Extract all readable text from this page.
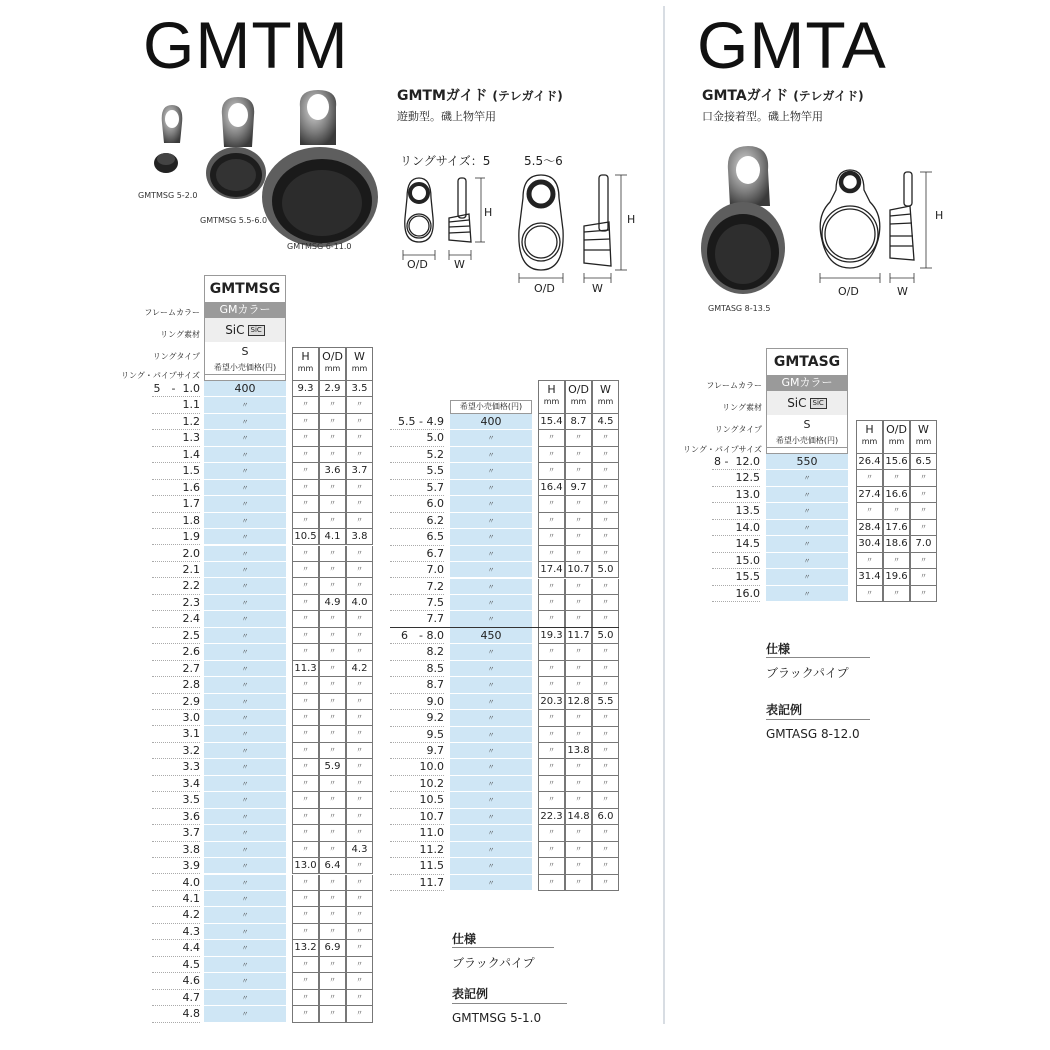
GMTM	GMTA
GMTMガイド (テレガイド)
遊動型。磯上物竿用
GMTAガイド (テレガイド)
口金接着型。磯上物竿用
GMTMSG 5-2.0
GMTMSG 5.5-6.0
GMTMSG 6-11.0
リングサイズ：5	5.5〜6
H
O/D W
H
O/D	W
H
O/D	W
GMTASG 8-13.5
GMTMSG
GMカラー
SiC SiC
S
希望小売価格(円)
フレームカラー
リング素材
リングタイプ
リング・パイプサイズ
H
mm
O/D
mm
W
mm
希望小売価格(円)
H
mm
O/D
mm
W
mm
GMTASG
GMカラー
SiC SiC
S
希望小売価格(円)
フレームカラー
リング素材
リングタイプ
リング・パイプサイズ
H
mm
O/D
mm
W
mm
5　-  1.0	400	9.3	2.9	3.5
1.1	〃	〃	〃	〃
1.2	〃	〃	〃	〃
1.3	〃	〃	〃	〃
1.4	〃	〃	〃	〃
1.5	〃	〃	3.6	3.7
1.6	〃	〃	〃	〃
1.7	〃	〃	〃	〃
1.8	〃	〃	〃	〃
1.9	〃	10.5 4.1	3.8
2.0	〃	〃	〃	〃
2.1	〃	〃	〃	〃
2.2	〃	〃	〃	〃
2.3	〃	〃	4.9	4.0
2.4	〃	〃	〃	〃
2.5	〃	〃	〃	〃
2.6	〃	〃	〃	〃
2.7	〃	11.3	〃	4.2
2.8	〃	〃	〃	〃
2.9	〃	〃	〃	〃
3.0	〃	〃	〃	〃
3.1	〃	〃	〃	〃
3.2	〃	〃	〃	〃
3.3	〃	〃	5.9	〃
3.4	〃	〃	〃	〃
3.5	〃	〃	〃	〃
3.6	〃	〃	〃	〃
3.7	〃	〃	〃	〃
3.8	〃	〃	〃	4.3
3.9	〃	13.0 6.4	〃
4.0	〃	〃	〃	〃
4.1	〃	〃	〃	〃
4.2	〃	〃	〃	〃
4.3	〃	〃	〃	〃
4.4	〃	13.2 6.9	〃
4.5	〃	〃	〃	〃
4.6	〃	〃	〃	〃
4.7	〃	〃	〃	〃
4.8	〃	〃	〃	〃
5.5 - 4.9	400	15.4 8.7	4.5
5.0	〃	〃	〃	〃
5.2	〃	〃	〃	〃
5.5	〃	〃	〃	〃
5.7	〃	16.4 9.7	〃
6.0	〃	〃	〃	〃
6.2	〃	〃	〃	〃
6.5	〃	〃	〃	〃
6.7	〃	〃	〃	〃
7.0	〃	17.4 10.7 5.0
7.2	〃	〃	〃	〃
7.5	〃	〃	〃	〃
7.7	〃	〃	〃	〃
6　- 8.0	450	19.3 11.7 5.0
8.2	〃	〃	〃	〃
8.5	〃	〃	〃	〃
8.7	〃	〃	〃	〃
9.0	〃	20.3 12.8 5.5
9.2	〃	〃	〃	〃
9.5	〃	〃	〃	〃
9.7	〃	〃	13.8	〃
10.0	〃	〃	〃	〃
10.2	〃	〃	〃	〃
10.5	〃	〃	〃	〃
10.7	〃	22.3 14.8 6.0
11.0	〃	〃	〃	〃
11.2	〃	〃	〃	〃
11.5	〃	〃	〃	〃
11.7	〃	〃	〃	〃
8 -  12.0	550	26.4 15.6 6.5
12.5	〃	〃	〃	〃
13.0	〃	27.4 16.6	〃
13.5	〃	〃	〃	〃
14.0	〃	28.4 17.6	〃
14.5	〃	30.4 18.6 7.0
15.0	〃	〃	〃	〃
15.5	〃	31.4 19.6	〃
16.0	〃	〃	〃	〃
仕様
ブラックパイプ
表記例
GMTMSG 5-1.0
仕様
ブラックパイプ
表記例
GMTASG 8-12.0
